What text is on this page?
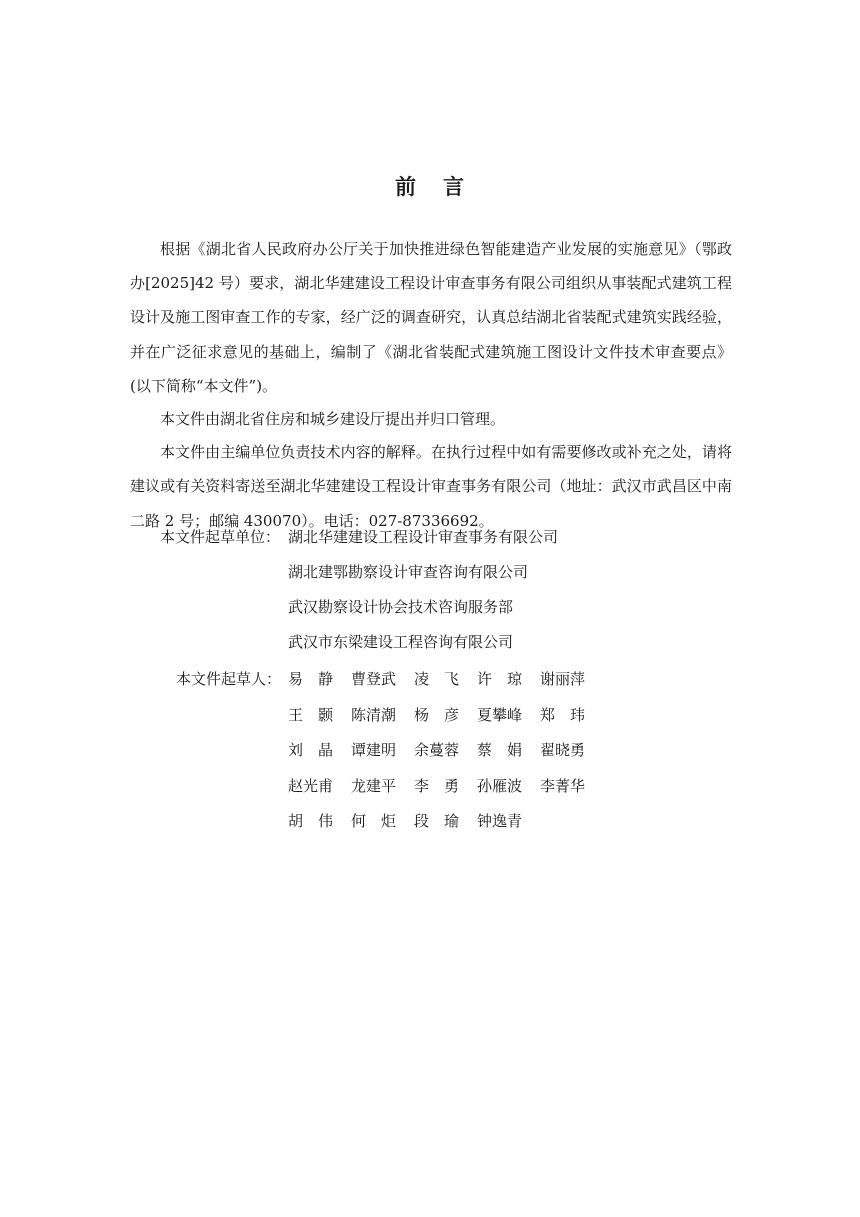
前 言

根据《湖北省人民政府办公厅关于加快推进绿色智能建造产业发展的实施意见》（鄂政办[2025]42 号）要求，湖北华建建设工程设计审查事务有限公司组织从事装配式建筑工程设计及施工图审查工作的专家，经广泛的调查研究，认真总结湖北省装配式建筑实践经验，并在广泛征求意见的基础上，编制了《湖北省装配式建筑施工图设计文件技术审查要点》(以下简称“本文件”)。

本文件由湖北省住房和城乡建设厅提出并归口管理。

本文件由主编单位负责技术内容的解释。在执行过程中如有需要修改或补充之处，请将建议或有关资料寄送至湖北华建建设工程设计审查事务有限公司（地址：武汉市武昌区中南二路 2 号；邮编 430070）。电话：027-87336692。

本文件起草单位： 湖北华建建设工程设计审查事务有限公司
湖北建鄂勘察设计审查咨询有限公司
武汉勘察设计协会技术咨询服务部
武汉市东梁建设工程咨询有限公司
本文件起草人： 易　静	曹登武	凌　飞	许　琼	谢丽萍
王　颢	陈清潮	杨　彦	夏攀峰	郑　玮
刘　晶	谭建明	余蔓蓉	蔡　娟	翟晓勇
赵光甫	龙建平	李　勇	孙雁波	李菁华
胡　伟	何　炬	段　瑜	钟逸青
